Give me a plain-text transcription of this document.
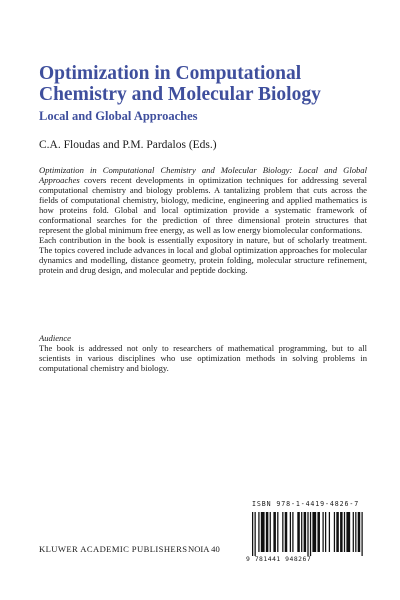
Optimization in Computational
Chemistry and Molecular Biology
Local and Global Approaches
C.A. Floudas and P.M. Pardalos (Eds.)

Optimization in Computational Chemistry and Molecular Biology: Local and Global Approaches covers recent developments in optimization techniques for addressing several computational chemistry and biology problems. A tantalizing problem that cuts across the fields of computational chemistry, biology, medicine, engineering and applied mathematics is how proteins fold. Global and local optimization provide a systematic framework of conformational searches for the prediction of three dimensional protein structures that represent the global minimum free energy, as well as low energy biomolecular conformations.

Each contribution in the book is essentially expository in nature, but of scholarly treatment. The topics covered include advances in local and global optimization approaches for molecular dynamics and modelling, distance geometry, protein folding, molecular structure refinement, protein and drug design, and molecular and peptide docking.

Audience
The book is addressed not only to researchers of mathematical programming, but to all scientists in various disciplines who use optimization methods in solving problems in computational chemistry and biology.
ISBN 978-1-4419-4826-7
9 781441 948267
KLUWER ACADEMIC PUBLISHERS NOIA 40
